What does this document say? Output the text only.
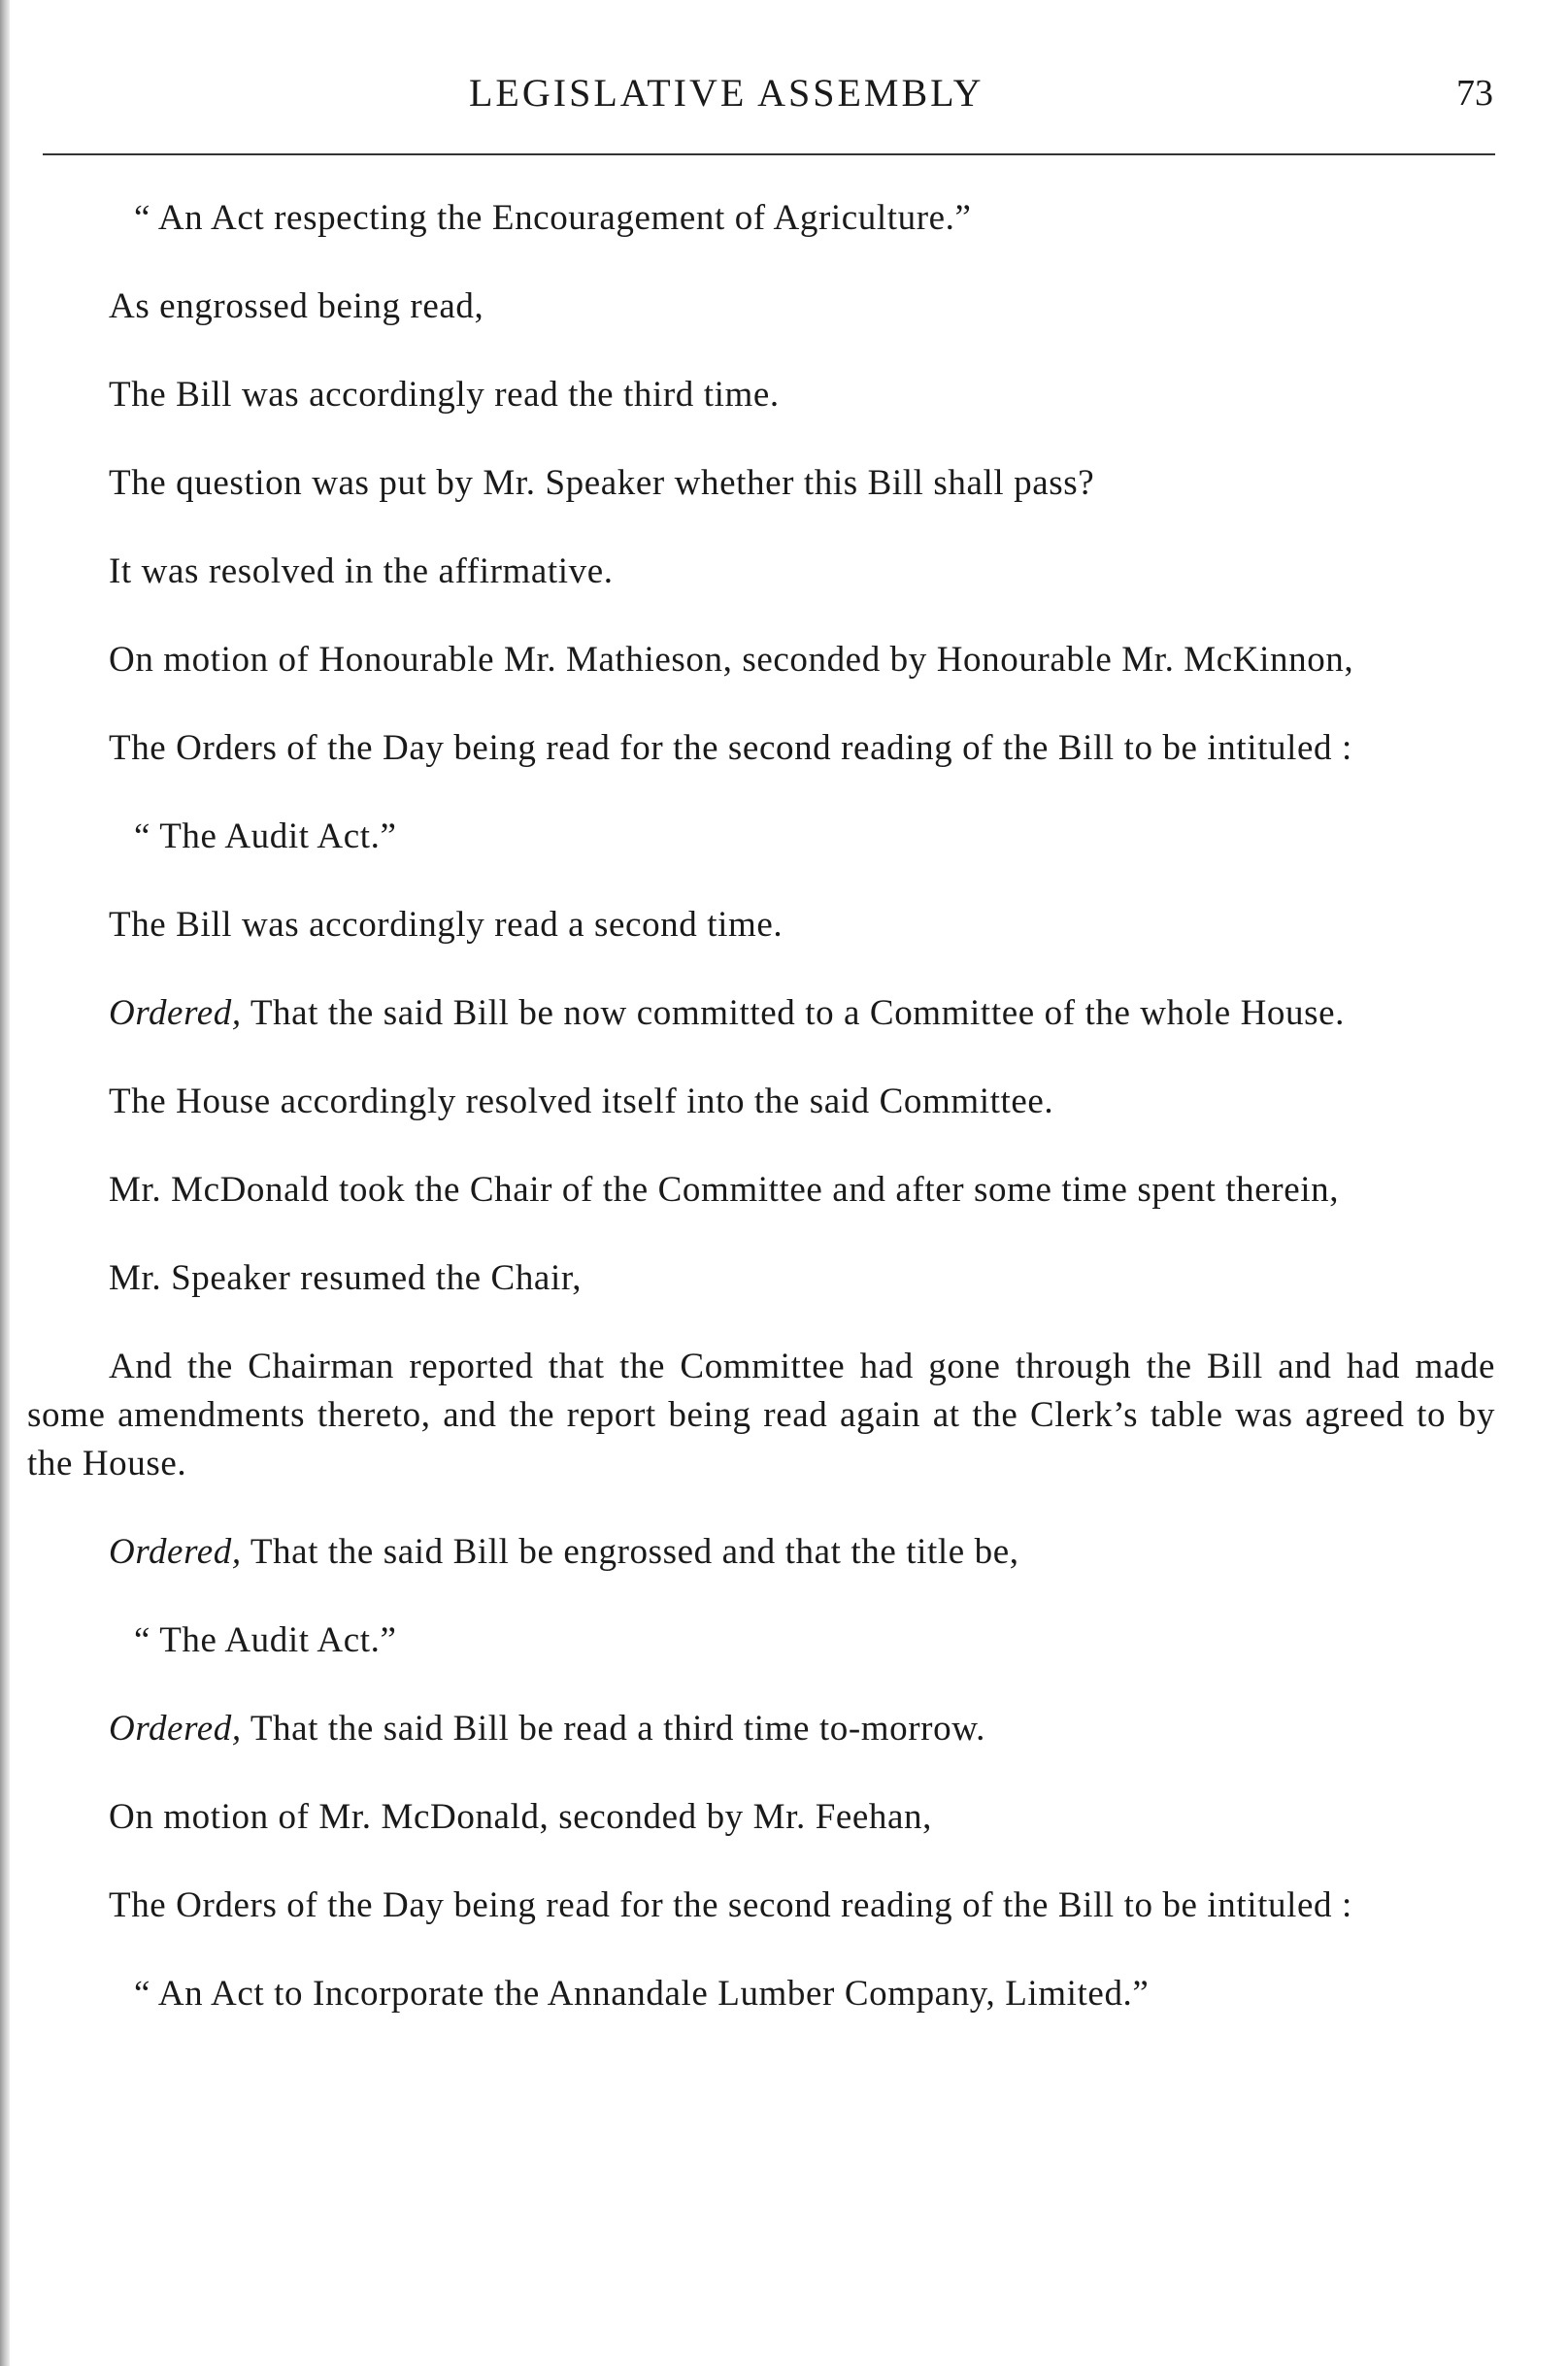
LEGISLATIVE ASSEMBLY	73

“ An Act respecting the Encouragement of Agriculture.”

As engrossed being read,

The Bill was accordingly read the third time.

The question was put by Mr. Speaker whether this Bill shall pass?

It was resolved in the affirmative.

On motion of Honourable Mr. Mathieson, seconded by Honourable Mr. McKinnon,

The Orders of the Day being read for the second reading of the Bill to be intituled :

“ The Audit Act.”

The Bill was accordingly read a second time.

Ordered, That the said Bill be now committed to a Committee of the whole House.

The House accordingly resolved itself into the said Committee.

Mr. McDonald took the Chair of the Committee and after some time spent therein,

Mr. Speaker resumed the Chair,

And the Chairman reported that the Committee had gone through the Bill and had made some amendments thereto, and the report being read again at the Clerk’s table was agreed to by the House.

Ordered, That the said Bill be engrossed and that the title be,

“ The Audit Act.”

Ordered, That the said Bill be read a third time to-morrow.

On motion of Mr. McDonald, seconded by Mr. Feehan,

The Orders of the Day being read for the second reading of the Bill to be intituled :

“ An Act to Incorporate the Annandale Lumber Company, Limited.”
